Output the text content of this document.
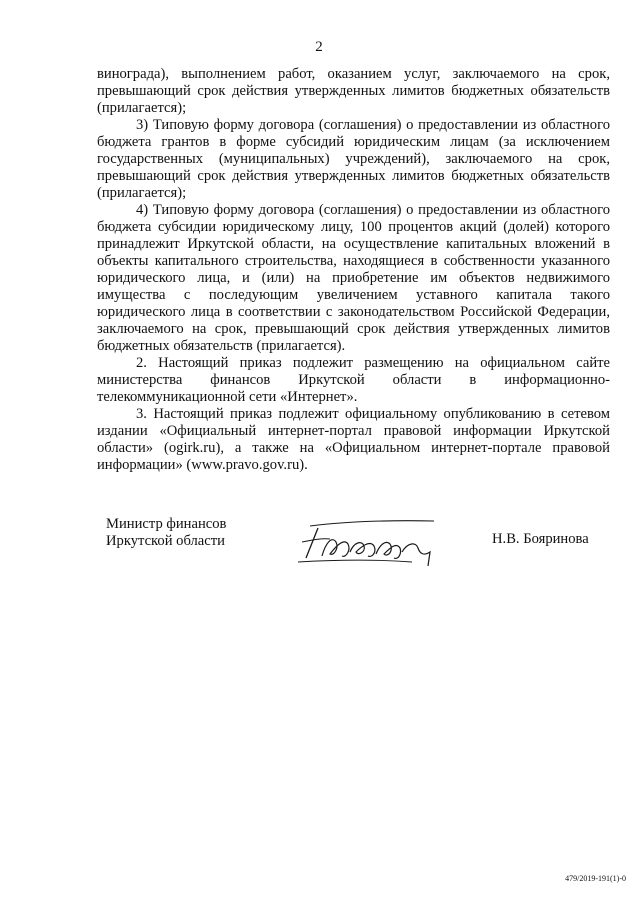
2

винограда), выполнением работ, оказанием услуг, заключаемого на срок, превышающий срок действия утвержденных лимитов бюджетных обязательств (прилагается);

3) Типовую форму договора (соглашения) о предоставлении из областного бюджета грантов в форме субсидий юридическим лицам (за исключением государственных (муниципальных) учреждений), заключаемого на срок, превышающий срок действия утвержденных лимитов бюджетных обязательств (прилагается);

4) Типовую форму договора (соглашения) о предоставлении из областного бюджета субсидии юридическому лицу, 100 процентов акций (долей) которого принадлежит Иркутской области, на осуществление капитальных вложений в объекты капитального строительства, находящиеся в собственности указанного юридического лица, и (или) на приобретение им объектов недвижимого имущества с последующим увеличением уставного капитала такого юридического лица в соответствии с законодательством Российской Федерации, заключаемого на срок, превышающий срок действия утвержденных лимитов бюджетных обязательств (прилагается).

2. Настоящий приказ подлежит размещению на официальном сайте министерства финансов Иркутской области в информационно-телекоммуникационной сети «Интернет».

3. Настоящий приказ подлежит официальному опубликованию в сетевом издании «Официальный интернет-портал правовой информации Иркутской области» (ogirk.ru), а также на «Официальном интернет-портале правовой информации» (www.pravo.gov.ru).

Министр финансов
Иркутской области	Н.В. Бояринова
479/2019-191(1)-0
